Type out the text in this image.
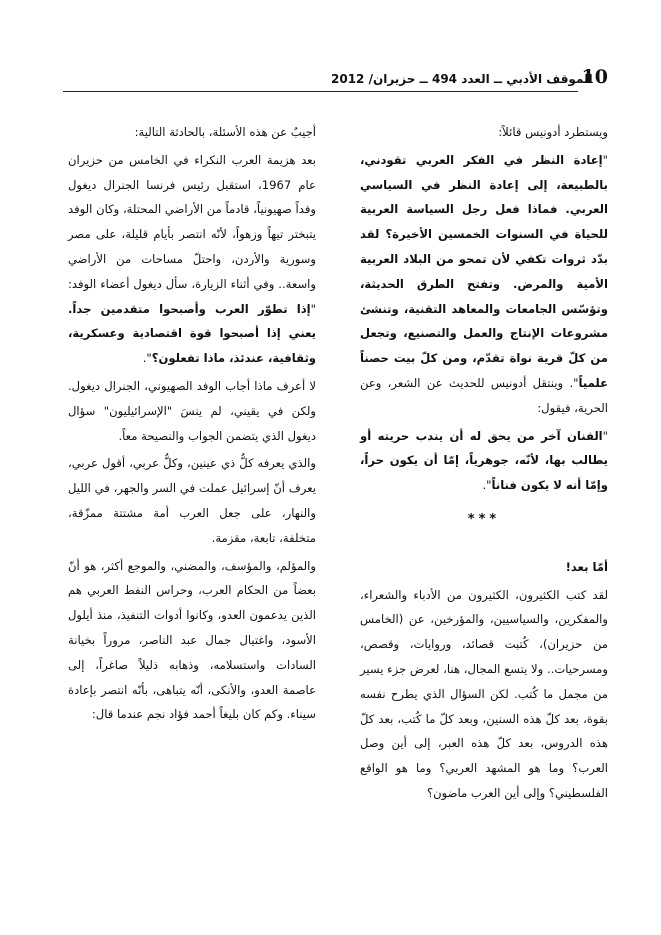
الموقف الأدبي ــ العدد 494 ــ حزيران/ 2012
10

ويستطرد أدونيس قائلاً:

"إعادة النظر في الفكر العربي تقودني، بالطبيعة، إلى إعادة النظر في السياسي العربي. فماذا فعل رجل السياسة العربية للحياة في السنوات الخمسين الأخيرة؟ لقد بدّد ثروات تكفي لأن تمحو من البلاد العربية الأمية والمرض. وتفتح الطرق الحديثة، وتؤسّس الجامعات والمعاهد التقنية، وتنشئ مشروعات الإنتاج والعمل والتصنيع، وتجعل من كلّ قرية نواة تقدّم، ومن كلّ بيت حصناً علمياً". وينتقل أدونيس للحديث عن الشعر، وعن الحرية، فيقول:

"الفنان آخر من يحق له أن يندب حريته أو يطالب بها، لأنّه، جوهرياً، إمّا أن يكون حراً، وإمّا أنه لا يكون فناناً".

***

أمّا بعد!

لقد كتب الكثيرون، الكثيرون من الأدباء والشعراء، والمفكرين، والسياسيين، والمؤرخين، عن (الخامس من حزيران)، كُتبت قصائد، وروايات، وقصص، ومسرحيات.. ولا يتسع المجال، هنا، لعرض جزء يسير من مجمل ما كُتب. لكن السؤال الذي يطرح نفسه بقوة، بعد كلّ هذه السنين، وبعد كلّ ما كُتب، بعد كلّ هذه الدروس، بعد كلّ هذه العبر، إلى أين وصل العرب؟ وما هو المشهد العربي؟ وما هو الواقع الفلسطيني؟ وإلى أين العرب ماضون؟

أجيبُ عن هذه الأسئلة، بالحادثة التالية:

بعد هزيمة العرب النكراء في الخامس من حزيران عام 1967، استقبل رئيس فرنسا الجنرال ديغول وفداً صهيونياً، قادماً من الأراضي المحتلة، وكان الوفد يتبختر تيهاً وزهواً، لأنّه انتصر بأيام قليلة، على مصر وسورية والأردن، واحتلّ مساحات من الأراضي واسعة.. وفي أثناء الزيارة، سأل ديغول أعضاء الوفد: "إذا تطوّر العرب وأصبحوا متقدمين جداً. يعني إذا أصبحوا قوة اقتصادية وعسكرية، وثقافية، عندئذ، ماذا تفعلون؟".

لا أعرف ماذا أجاب الوفد الصهيوني، الجنرال ديغول. ولكن في يقيني، لم ينسَ "الإسرائيليون" سؤال ديغول الذي يتضمن الجواب والنصيحة معاً.

والذي يعرفه كلُّ ذي عينين، وكلُّ عربي، أقول عربي، يعرف أنّ إسرائيل عملت في السر والجهر، في الليل والنهار، على جعل العرب أمة مشتتة ممزّقة، متخلفة، تابعة، مقزمة.

والمؤلم، والمؤسف، والمضني، والموجع أكثر، هو أنّ بعضاً من الحكام العرب، وحراس النفط العربي هم الذين يدعمون العدو، وكانوا أدوات التنفيذ، منذ أيلول الأسود، واغتيال جمال عبد الناصر، مروراً بخيانة السادات واستسلامه، وذهابه ذليلاً صاغراً، إلى عاصمة العدو، والأنكى، أنّه يتباهى، بأنّه انتصر بإعادة سيناء. وكم كان بليغاً أحمد فؤاد نجم عندما قال:
